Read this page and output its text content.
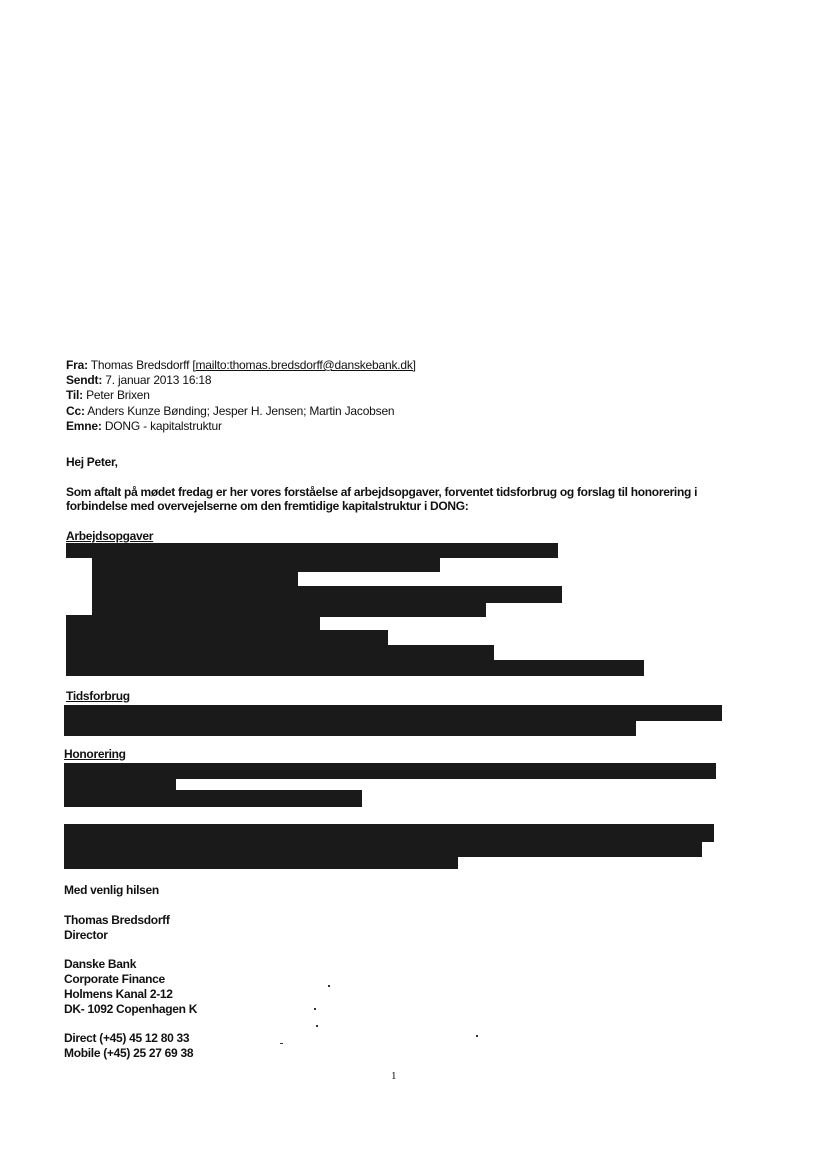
Fra: Thomas Bredsdorff [mailto:thomas.bredsdorff@danskebank.dk]
Sendt: 7. januar 2013 16:18
Til: Peter Brixen
Cc: Anders Kunze Bønding; Jesper H. Jensen; Martin Jacobsen
Emne: DONG - kapitalstruktur
Hej Peter,
Som aftalt på mødet fredag er her vores forståelse af arbejdsopgaver, forventet tidsforbrug og forslag til honorering i
forbindelse med overvejelserne om den fremtidige kapitalstruktur i DONG:
Arbejdsopgaver
Tidsforbrug
Honorering
Med venlig hilsen
Thomas Bredsdorff
Director
Danske Bank
Corporate Finance
Holmens Kanal 2-12
DK- 1092 Copenhagen K
Direct (+45) 45 12 80 33
Mobile (+45) 25 27 69 38
1
